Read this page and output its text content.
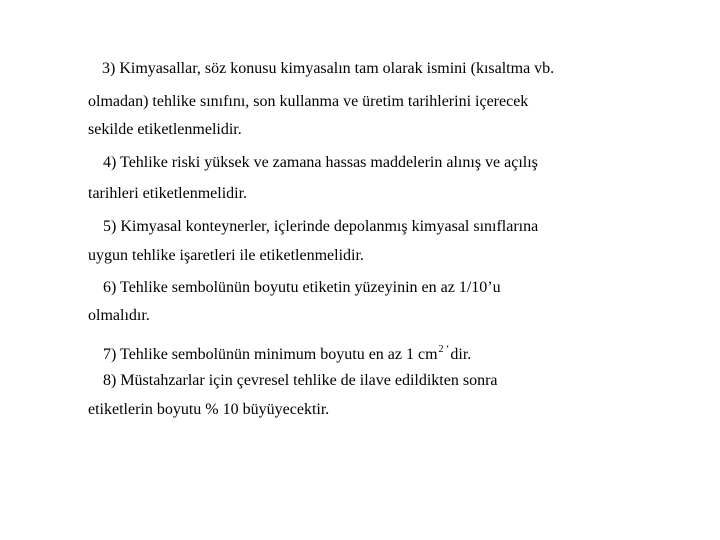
3) Kimyasallar, söz konusu kimyasalın tam olarak ismini (kısaltma vb.
olmadan) tehlike sınıfını, son kullanma ve üretim tarihlerini içerecek
sekilde etiketlenmelidir.
4) Tehlike riski yüksek ve zamana hassas maddelerin alınış ve açılış
tarihleri etiketlenmelidir.
5) Kimyasal konteynerler, içlerinde depolanmış kimyasal sınıflarına
uygun tehlike işaretleri ile etiketlenmelidir.
6) Tehlike sembolünün boyutu etiketin yüzeyinin en az 1/10’u
olmalıdır.
7) Tehlike sembolünün minimum boyutu en az 1 $cm^{2 ‘}dir$.
8) Müstahzarlar için çevresel tehlike de ilave edildikten sonra
etiketlerin boyutu % 10 büyüyecektir.
